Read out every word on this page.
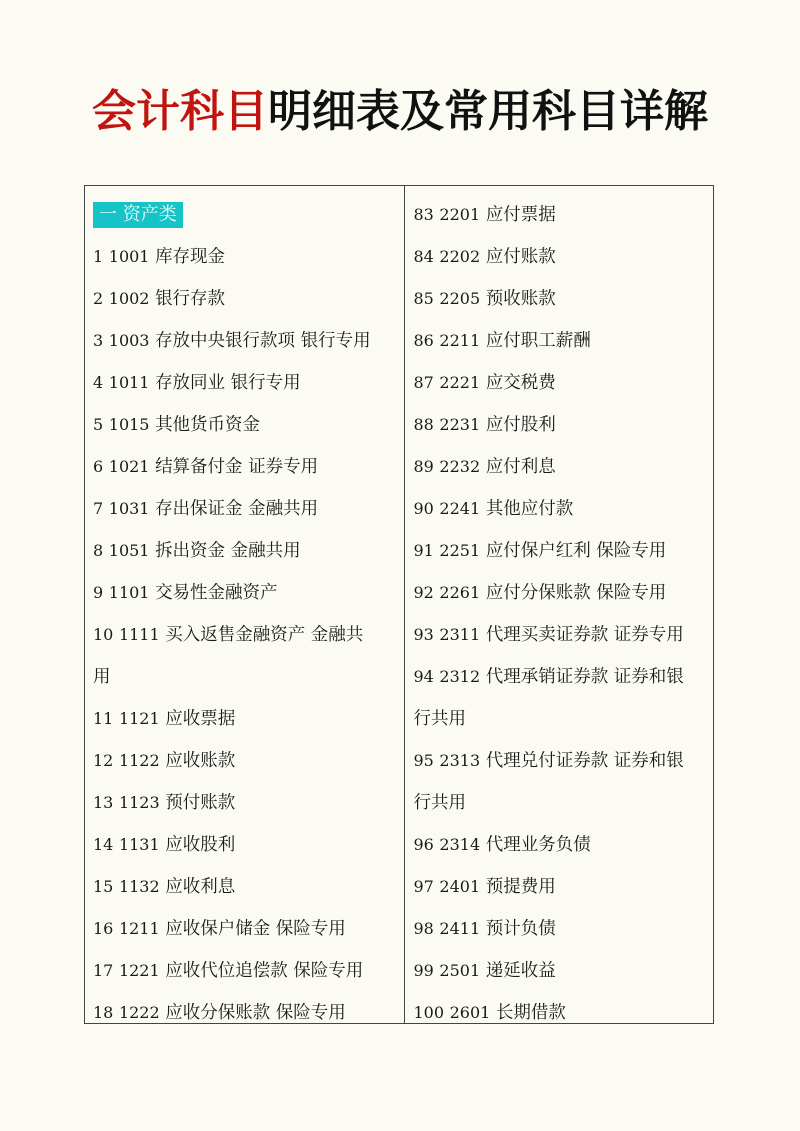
会计科目明细表及常用科目详解
一 资产类
1 1001 库存现金
2 1002 银行存款
3 1003 存放中央银行款项 银行专用
4 1011 存放同业 银行专用
5 1015 其他货币资金
6 1021 结算备付金 证券专用
7 1031 存出保证金 金融共用
8 1051 拆出资金 金融共用
9 1101 交易性金融资产
10 1111 买入返售金融资产 金融共
用
11 1121 应收票据
12 1122 应收账款
13 1123 预付账款
14 1131 应收股利
15 1132 应收利息
16 1211 应收保户储金 保险专用
17 1221 应收代位追偿款 保险专用
18 1222 应收分保账款 保险专用
83 2201 应付票据
84 2202 应付账款
85 2205 预收账款
86 2211 应付职工薪酬
87 2221 应交税费
88 2231 应付股利
89 2232 应付利息
90 2241 其他应付款
91 2251 应付保户红利 保险专用
92 2261 应付分保账款 保险专用
93 2311 代理买卖证券款 证券专用
94 2312 代理承销证券款 证券和银
行共用
95 2313 代理兑付证券款 证券和银
行共用
96 2314 代理业务负债
97 2401 预提费用
98 2411 预计负债
99 2501 递延收益
100 2601 长期借款
